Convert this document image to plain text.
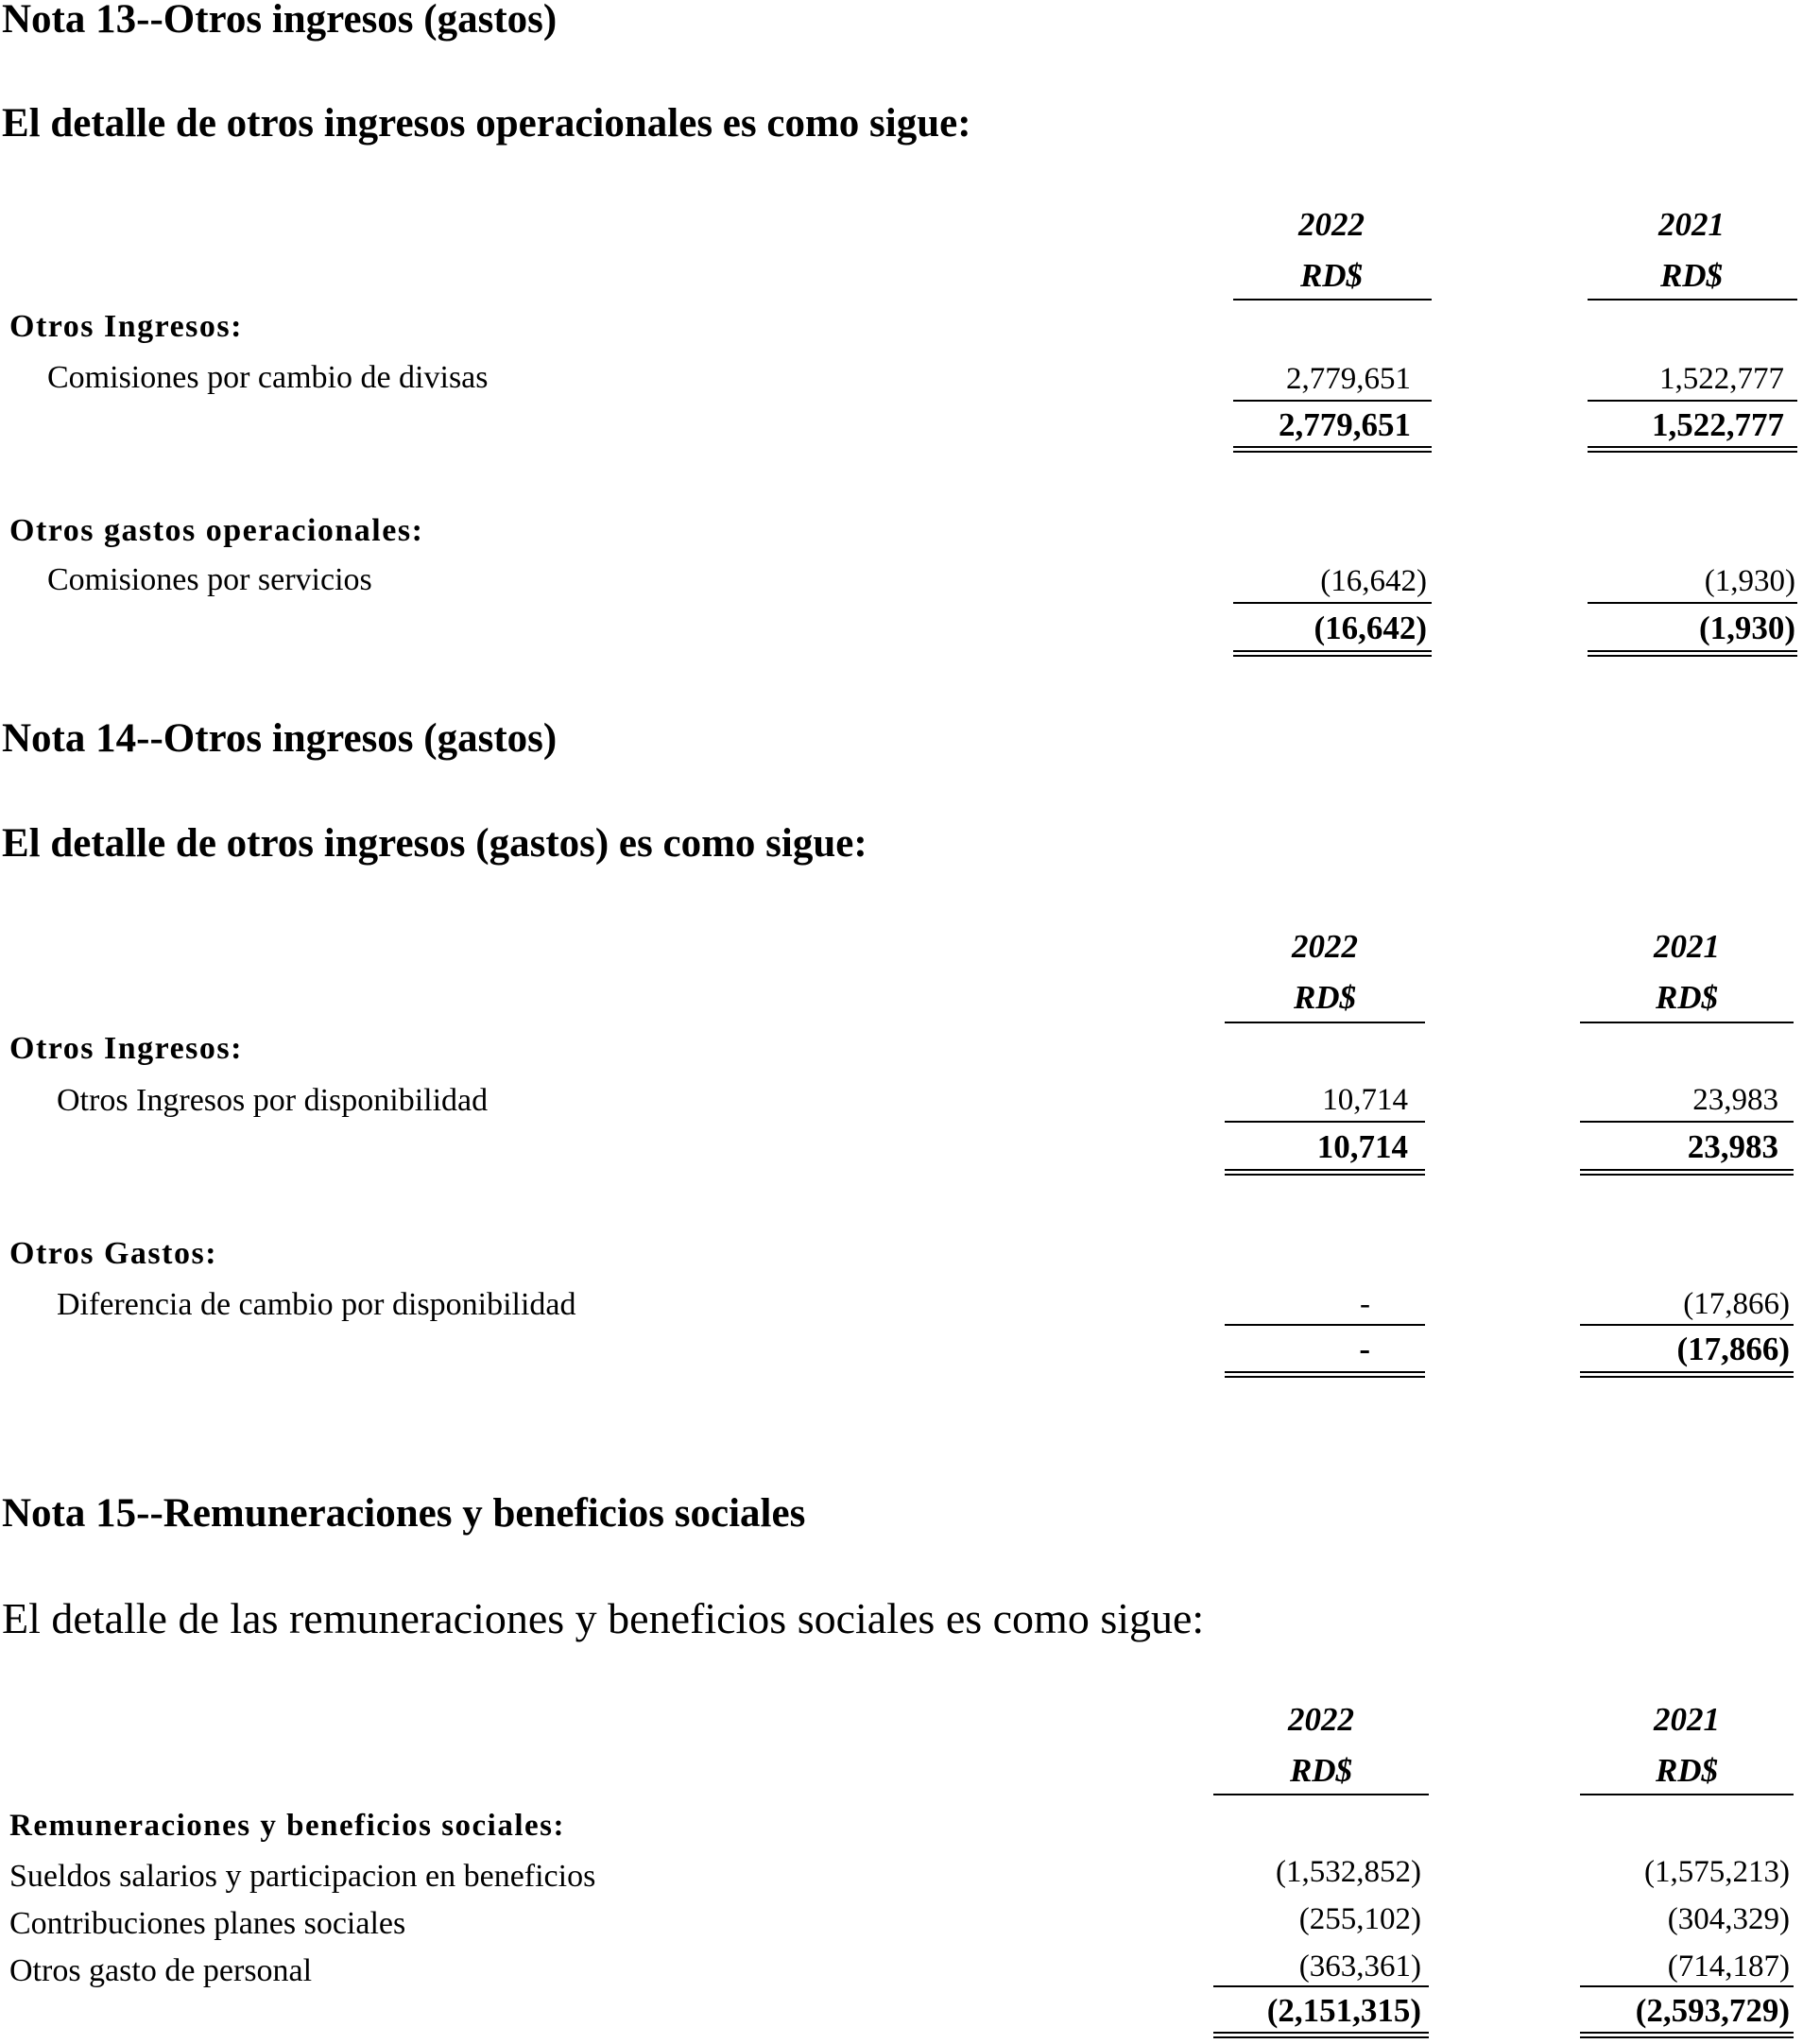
Nota 13--Otros ingresos (gastos)
El detalle de otros ingresos operacionales es como sigue:
2022	2021
RD$	RD$
Otros Ingresos:
Comisiones por cambio de divisas	2,779,651	1,522,777
2,779,651	1,522,777
Otros gastos operacionales:
Comisiones por servicios	(16,642)	(1,930)
(16,642)	(1,930)
Nota 14--Otros ingresos (gastos)
El detalle de otros ingresos (gastos) es como sigue:
2022	2021
RD$	RD$
Otros Ingresos:
Otros Ingresos por disponibilidad	10,714	23,983
10,714	23,983
Otros Gastos:
Diferencia de cambio por disponibilidad	-	(17,866)
-	(17,866)
Nota 15--Remuneraciones y beneficios sociales
El detalle de las remuneraciones y beneficios sociales es como sigue:
2022	2021
RD$	RD$
Remuneraciones y beneficios sociales:
Sueldos salarios y participacion en beneficios	(1,532,852)	(1,575,213)
Contribuciones planes sociales	(255,102)	(304,329)
Otros gasto de personal	(363,361)	(714,187)
(2,151,315)	(2,593,729)
